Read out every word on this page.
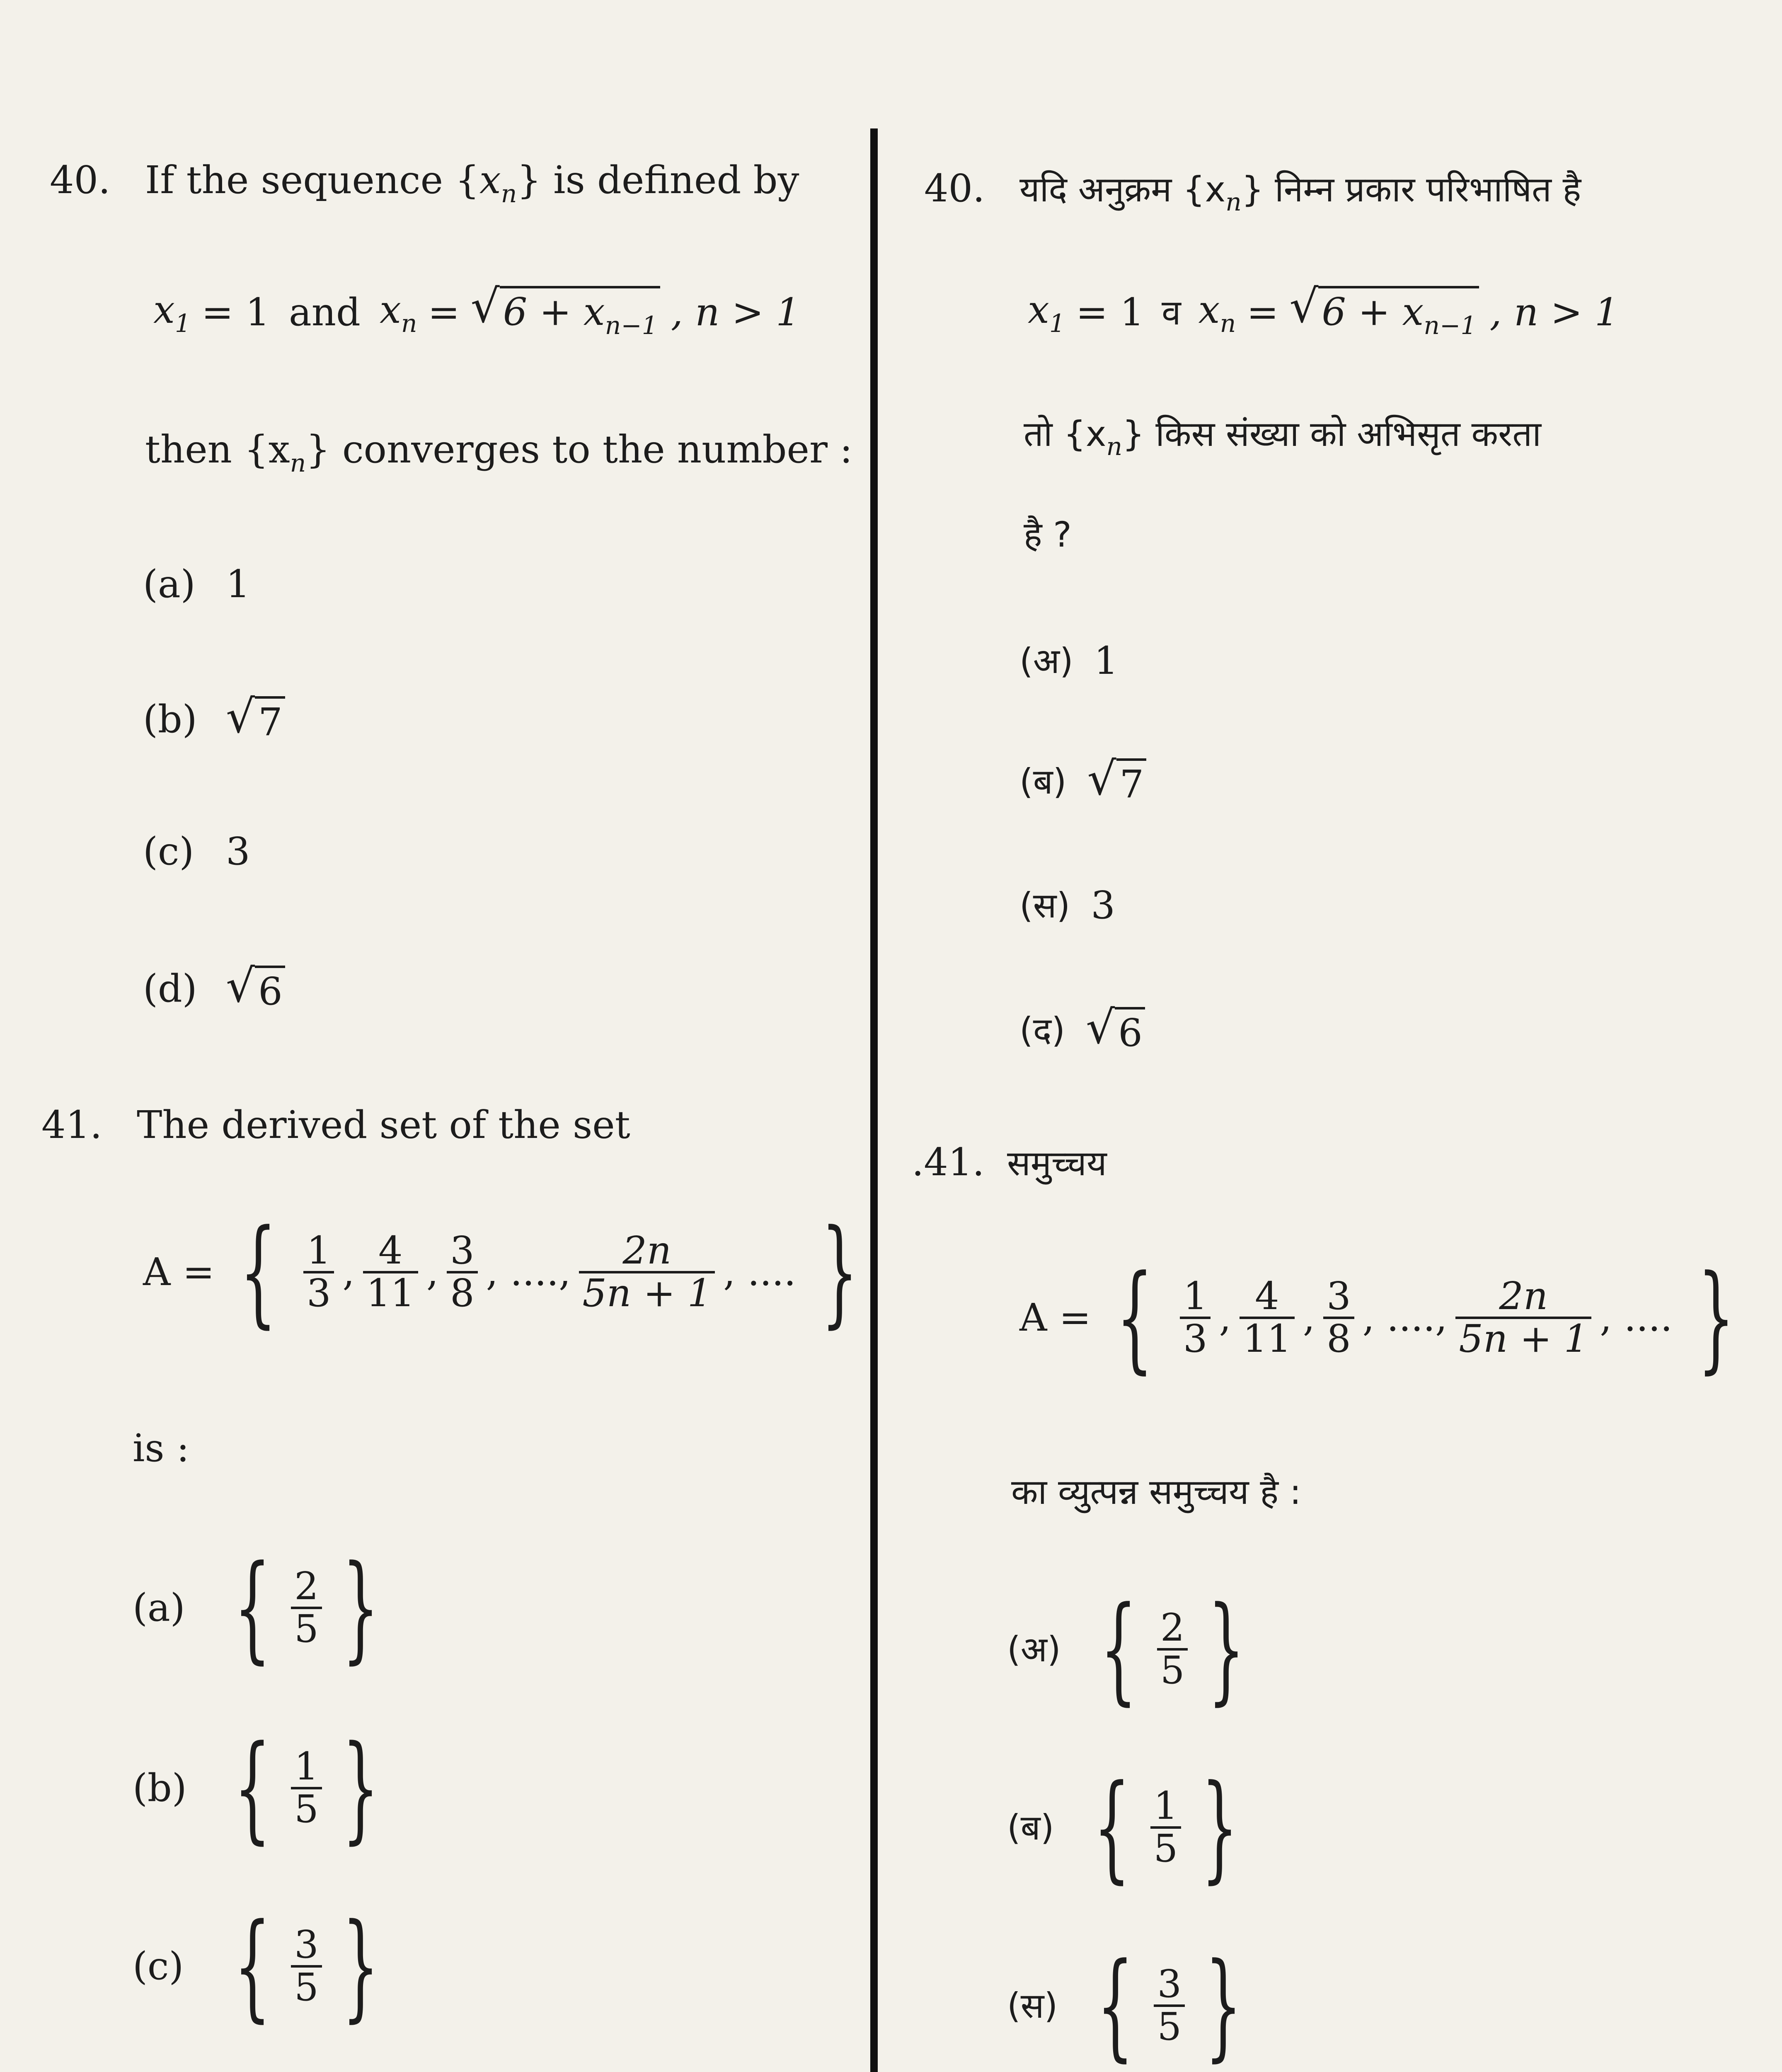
40. If the sequence $\{x_n\}$ is defined by
$x_1 = 1$ and $x_n$ = √ $6 + x_{n-1}$ , n > 1
then $\{x_n\}$ converges to the number :
(a) 1
(b) √ 7
(c) 3
(d) √ 6
41. The derived set of the set
A = { $\frac{1}{3}$ , $\frac{4}{11}$ , $\frac{3}{8}$ , ...., $\frac{2n}{5n + 1}$ , .... }
is :
(a) { $\frac{2}{5}$ }
(b) { $\frac{1}{5}$ }
(c) { $\frac{3}{5}$ }
40. यदि अनुक्रम $\{x_n\}$ निम्न प्रकार परिभाषित है
$x_1 = 1$ व $x_n$ = √ $6 + x_{n-1}$ , n > 1
तो $\{x_n\}$ किस संख्या को अभिसृत करता
है ?
(अ) 1
(ब) √ 7
(स) 3
(द) √ 6
.41. समुच्चय
A = { $\frac{1}{3}$ , $\frac{4}{11}$ , $\frac{3}{8}$ , ...., $\frac{2n}{5n + 1}$ , .... }
का व्युत्पन्न समुच्चय है :
(अ) { $\frac{2}{5}$ }
(ब) { $\frac{1}{5}$ }
(स) { $\frac{3}{5}$ }
